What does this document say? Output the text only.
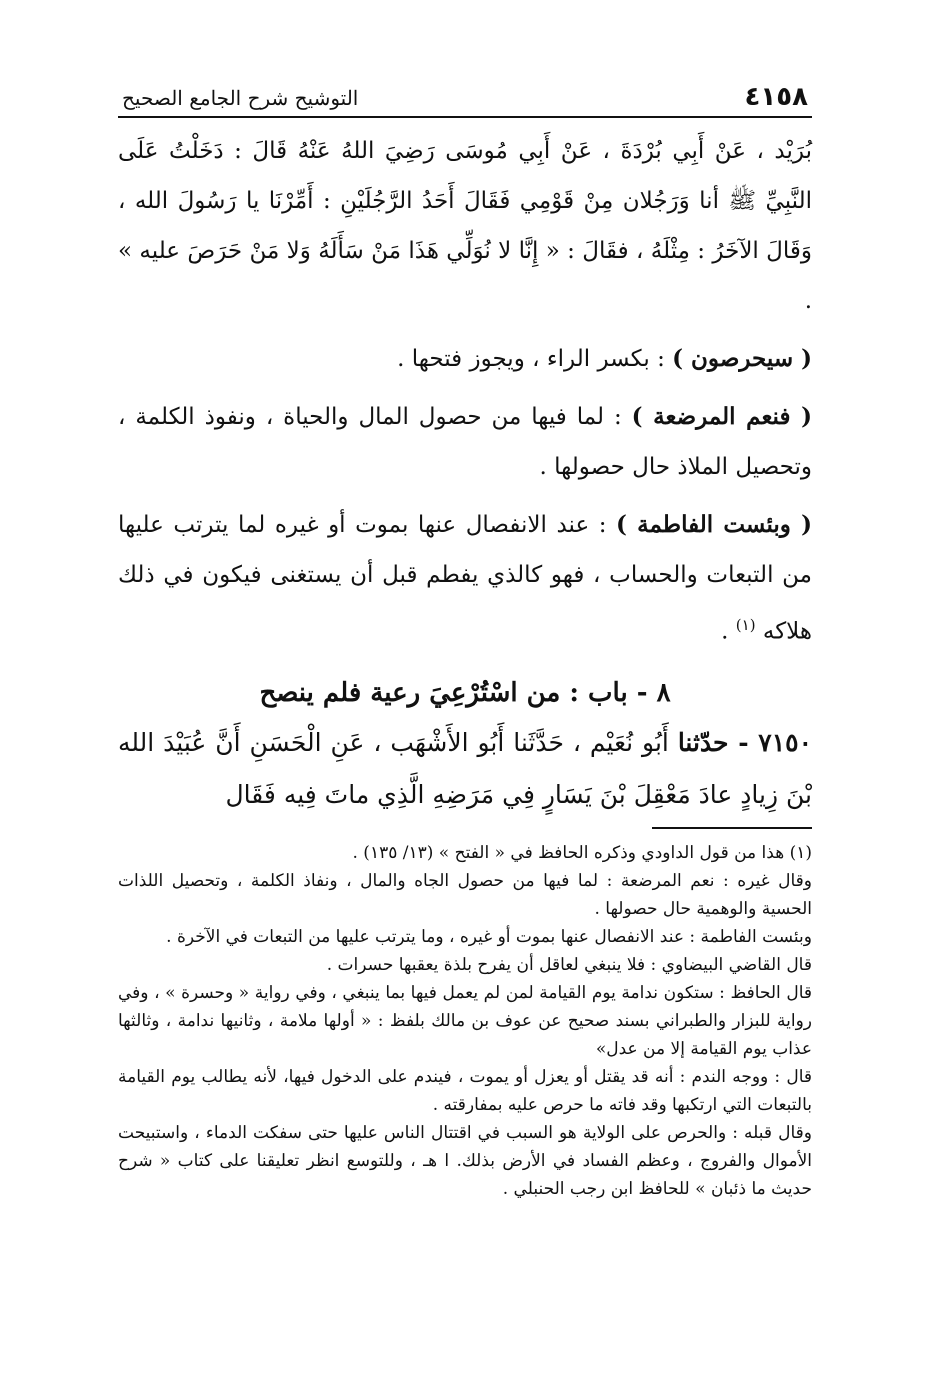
٤١٥٨
التوشيح شرح الجامع الصحيح

بُرَيْد ، عَنْ أَبِي بُرْدَةَ ، عَنْ أَبِي مُوسَى رَضِيَ اللهُ عَنْهُ قَالَ : دَخَلْتُ عَلَى النَّبِيِّ ﷺ أنا وَرَجُلان مِنْ قَوْمِي فَقَالَ أَحَدُ الرَّجُلَيْنِ : أَمِّرْنَا يا رَسُولَ الله ، وَقَالَ الآخَرُ : مِثْلَهُ ، فقَالَ : « إِنَّا لا نُوَلِّي هَذَا مَنْ سَأَلَهُ وَلا مَنْ حَرَصَ عليه » .

( سيحرصون ) : بكسر الراء ، ويجوز فتحها .

( فنعم المرضعة ) : لما فيها من حصول المال والحياة ، ونفوذ الكلمة ، وتحصيل الملاذ حال حصولها .

( وبئست الفاطمة ) : عند الانفصال عنها بموت أو غيره لما يترتب عليها من التبعات والحساب ، فهو كالذي يفطم قبل أن يستغنى فيكون في ذلك هلاكه $^{(١)}$ .

٨ - باب : من اسْتُرْعِيَ رعية فلم ينصح

٧١٥٠ - حدّثنا أَبُو نُعَيْم ، حَدَّثَنا أَبُو الأَشْهَب ، عَنِ الْحَسَنِ أَنَّ عُبَيْدَ الله بْنَ زِيادٍ عادَ مَعْقِلَ بْنَ يَسَارٍ فِي مَرَضِهِ الَّذِي ماتَ فِيه فَقَال

(١) هذا من قول الداودي وذكره الحافظ في « الفتح » (١٣/ ١٣٥) .

وقال غيره : نعم المرضعة : لما فيها من حصول الجاه والمال ، ونفاذ الكلمة ، وتحصيل اللذات الحسية والوهمية حال حصولها .

وبئست الفاطمة : عند الانفصال عنها بموت أو غيره ، وما يترتب عليها من التبعات في الآخرة .

قال القاضي البيضاوي : فلا ينبغي لعاقل أن يفرح بلذة يعقبها حسرات .

قال الحافظ : ستكون ندامة يوم القيامة لمن لم يعمل فيها بما ينبغي ، وفي رواية « وحسرة » ، وفي رواية للبزار والطبراني بسند صحيح عن عوف بن مالك بلفظ : « أولها ملامة ، وثانيها ندامة ، وثالثها عذاب يوم القيامة إلا من عدل»

قال : ووجه الندم : أنه قد يقتل أو يعزل أو يموت ، فيندم على الدخول فيها، لأنه يطالب يوم القيامة بالتبعات التي ارتكبها وقد فاته ما حرص عليه بمفارقته .

وقال قبله : والحرص على الولاية هو السبب في اقتتال الناس عليها حتى سفكت الدماء ، واستبيحت الأموال والفروج ، وعظم الفساد في الأرض بذلك. ا هـ ، وللتوسع انظر تعليقنا على كتاب « شرح حديث ما ذئبان » للحافظ ابن رجب الحنبلي .
